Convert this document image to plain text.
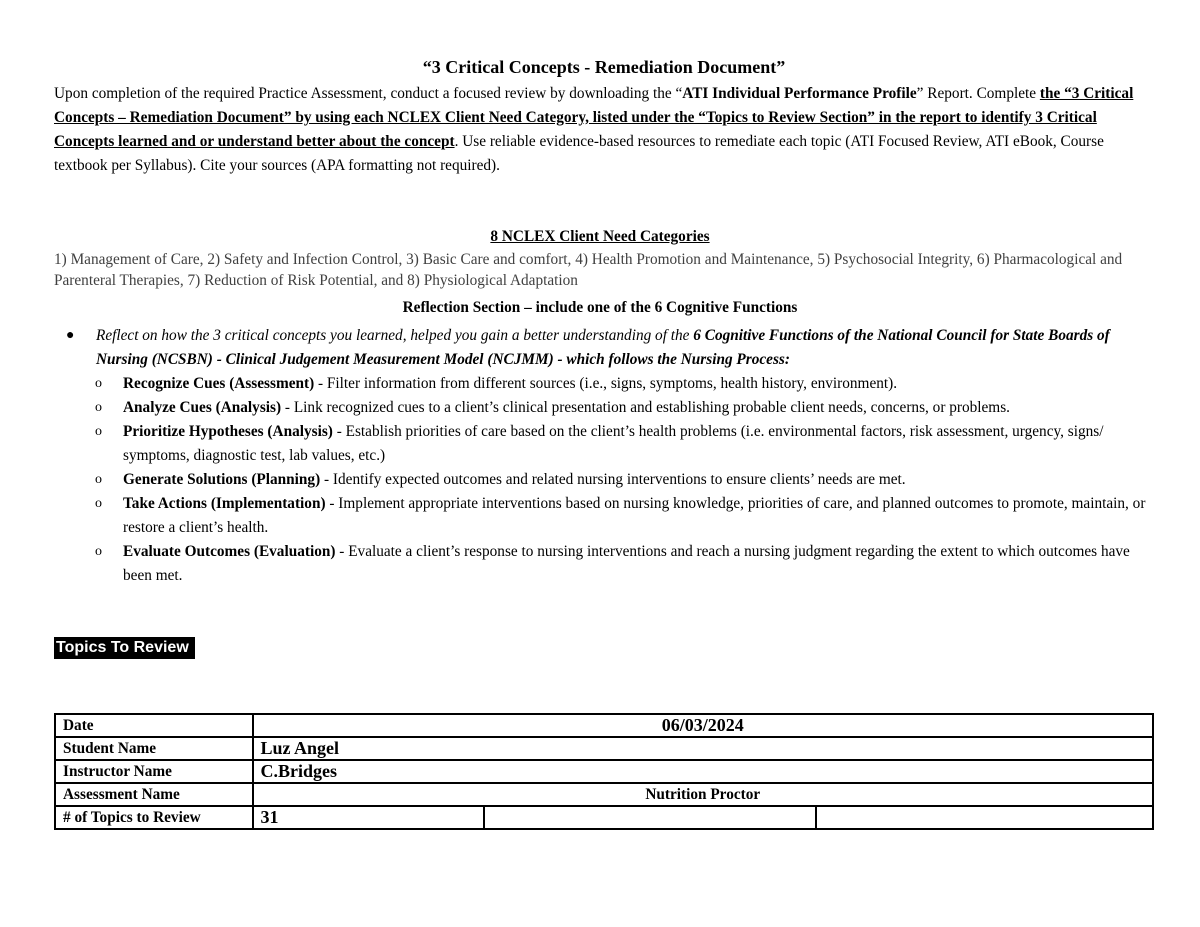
“3 Critical Concepts - Remediation Document”
Upon completion of the required Practice Assessment, conduct a focused review by downloading the “ATI Individual Performance Profile” Report. Complete the “3 Critical Concepts – Remediation Document” by using each NCLEX Client Need Category, listed under the “Topics to Review Section” in the report to identify 3 Critical Concepts learned and or understand better about the concept. Use reliable evidence-based resources to remediate each topic (ATI Focused Review, ATI eBook, Course textbook per Syllabus). Cite your sources (APA formatting not required).
8 NCLEX Client Need Categories
1) Management of Care, 2) Safety and Infection Control, 3) Basic Care and comfort, 4) Health Promotion and Maintenance, 5) Psychosocial Integrity, 6) Pharmacological and Parenteral Therapies, 7) Reduction of Risk Potential, and 8) Physiological Adaptation
Reflection Section – include one of the 6 Cognitive Functions
●	Reflect on how the 3 critical concepts you learned, helped you gain a better understanding of the 6 Cognitive Functions of the National Council for State Boards of Nursing (NCSBN) - Clinical Judgement Measurement Model (NCJMM) - which follows the Nursing Process:
o Recognize Cues (Assessment) - Filter information from different sources (i.e., signs, symptoms, health history, environment).
o Analyze Cues (Analysis) - Link recognized cues to a client’s clinical presentation and establishing probable client needs, concerns, or problems.
o Prioritize Hypotheses (Analysis) - Establish priorities of care based on the client’s health problems (i.e. environmental factors, risk assessment, urgency, signs/ symptoms, diagnostic test, lab values, etc.)
o Generate Solutions (Planning) - Identify expected outcomes and related nursing interventions to ensure clients’ needs are met.
o Take Actions (Implementation) - Implement appropriate interventions based on nursing knowledge, priorities of care, and planned outcomes to promote, maintain, or restore a client’s health.
o Evaluate Outcomes (Evaluation) - Evaluate a client’s response to nursing interventions and reach a nursing judgment regarding the extent to which outcomes have been met.
Topics To Review
Date	06/03/2024		
Student Name	Luz Angel		
Instructor Name	C.Bridges		
Assessment Name	Nutrition Proctor		
# of Topics to Review	31		
